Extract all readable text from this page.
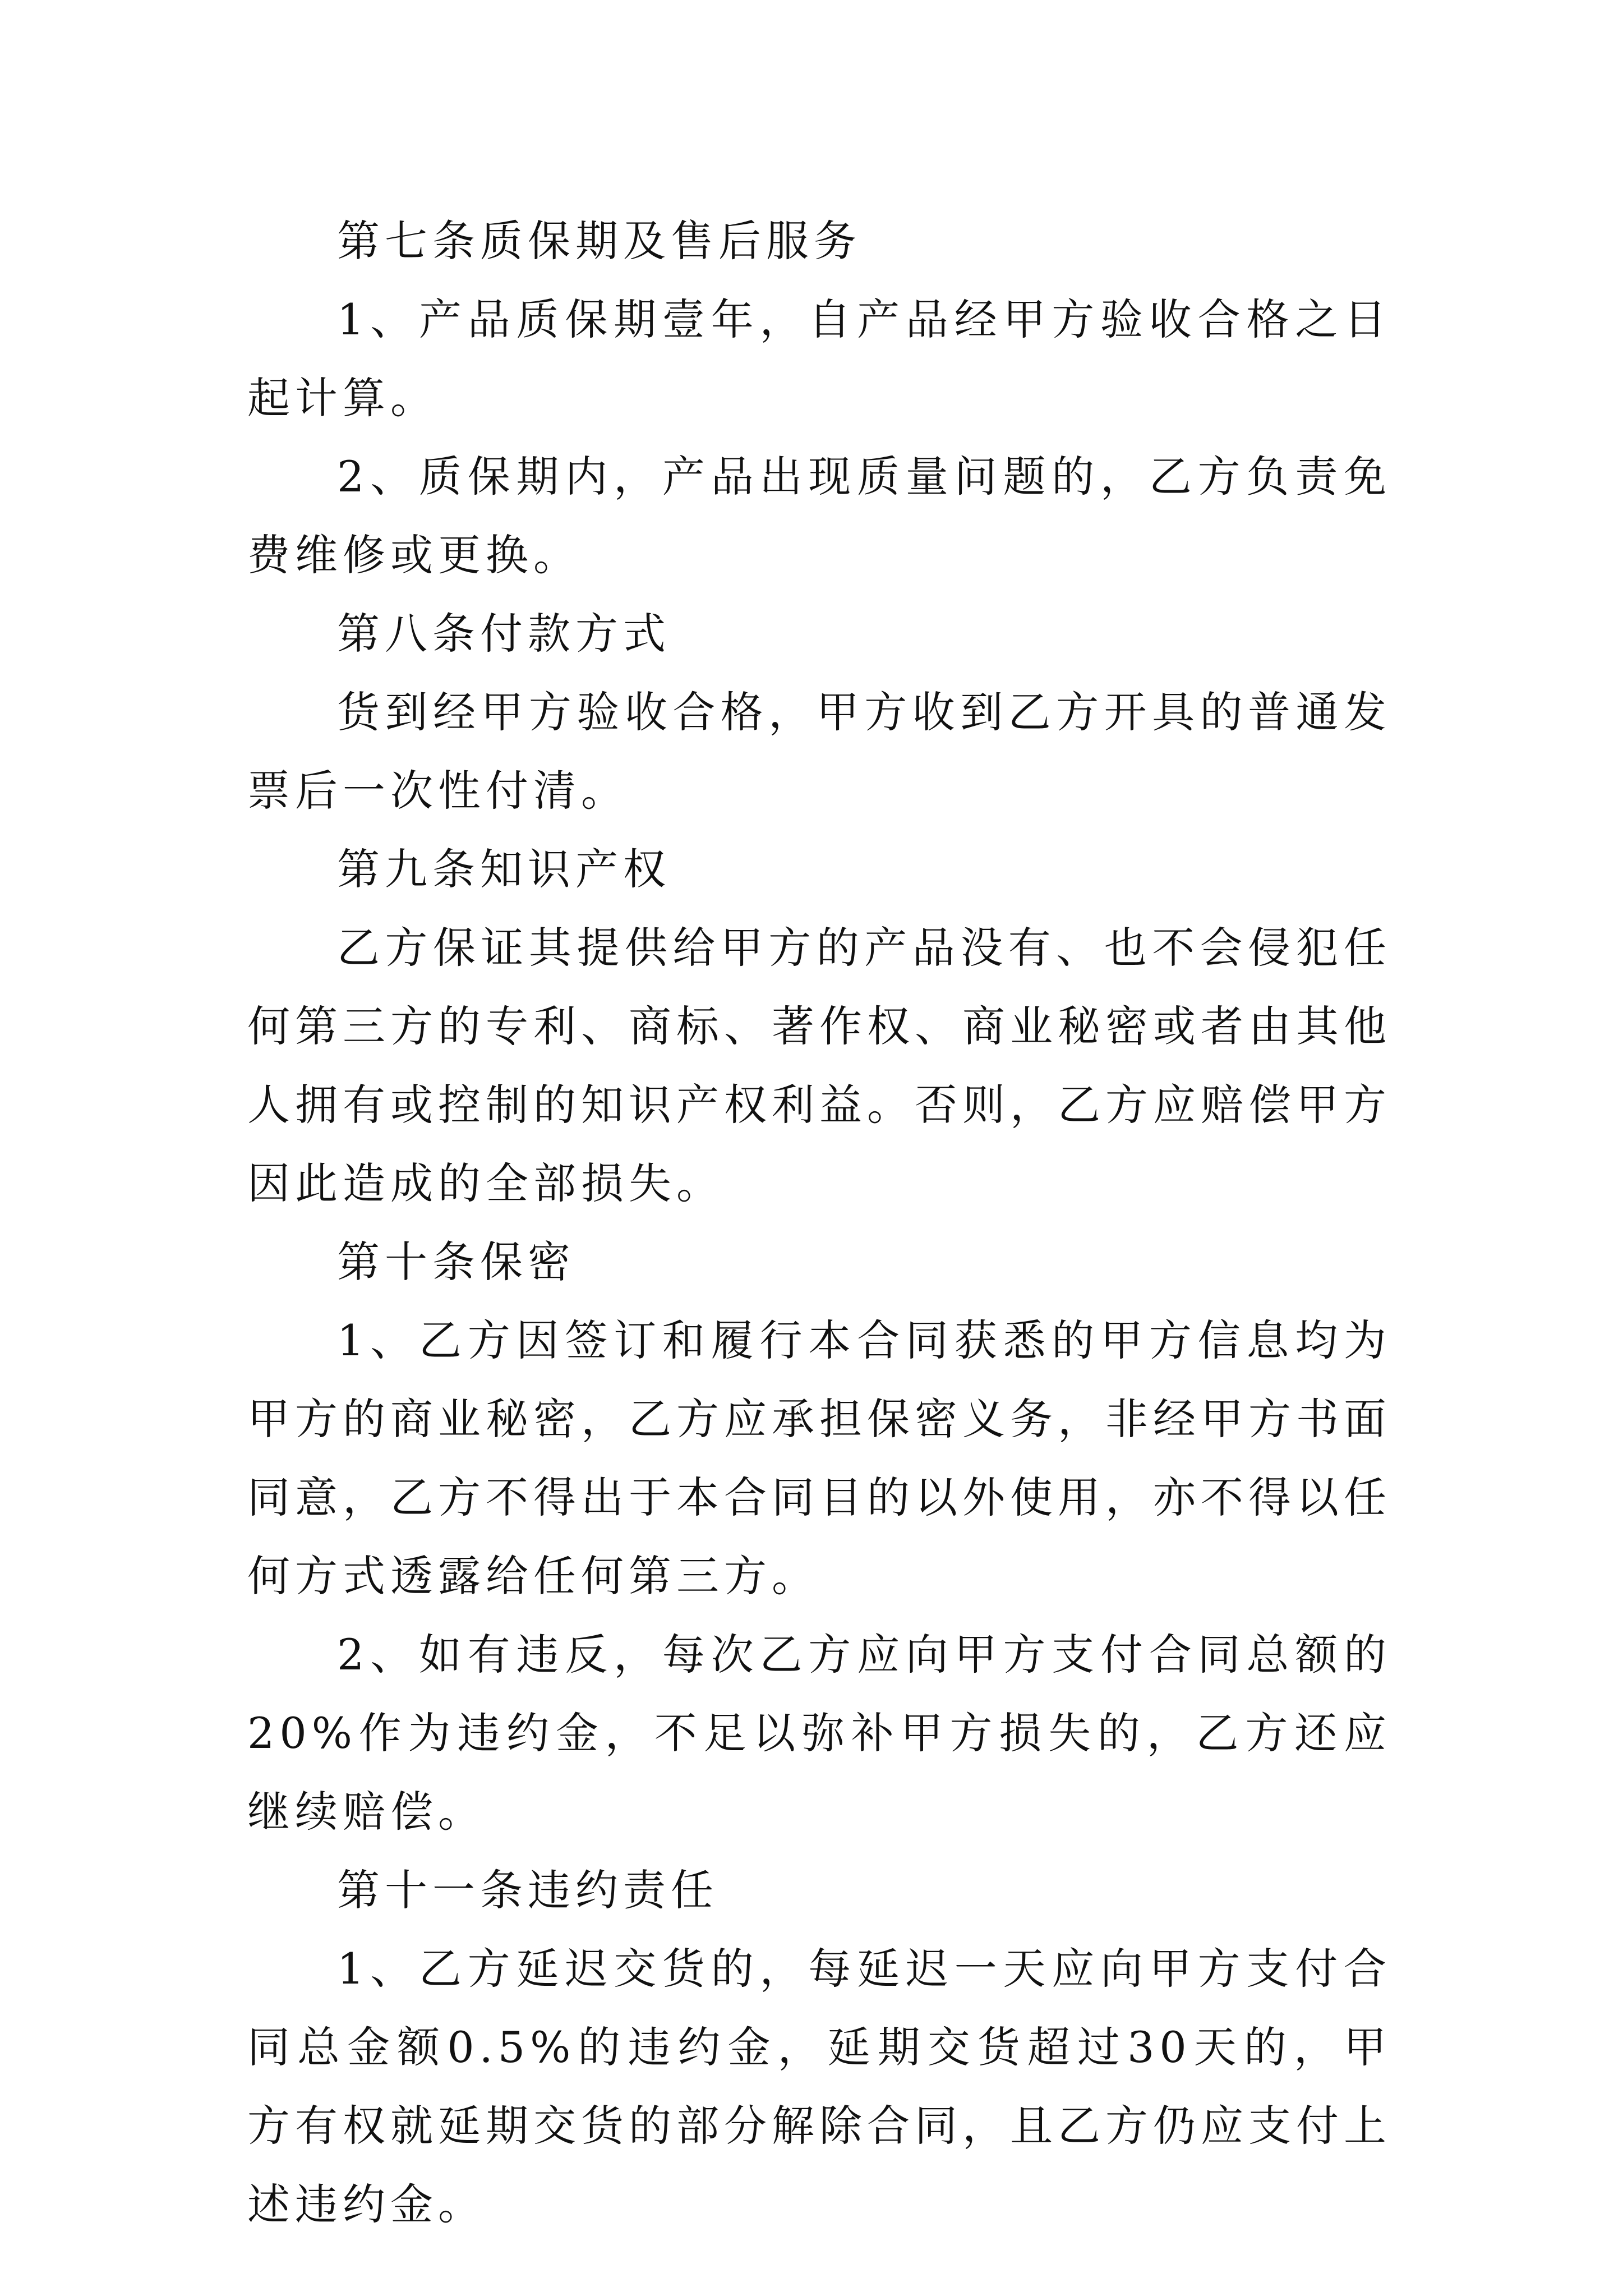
第七条质保期及售后服务

1、产品质保期壹年，自产品经甲方验收合格之日起计算。

2、质保期内，产品出现质量问题的，乙方负责免费维修或更换。

第八条付款方式

货到经甲方验收合格，甲方收到乙方开具的普通发票后一次性付清。

第九条知识产权

乙方保证其提供给甲方的产品没有、也不会侵犯任何第三方的专利、商标、著作权、商业秘密或者由其他人拥有或控制的知识产权利益。否则，乙方应赔偿甲方因此造成的全部损失。

第十条保密

1、乙方因签订和履行本合同获悉的甲方信息均为甲方的商业秘密，乙方应承担保密义务，非经甲方书面同意，乙方不得出于本合同目的以外使用，亦不得以任何方式透露给任何第三方。

2、如有违反，每次乙方应向甲方支付合同总额的20%作为违约金，不足以弥补甲方损失的，乙方还应继续赔偿。

第十一条违约责任

1、乙方延迟交货的，每延迟一天应向甲方支付合同总金额0.5%的违约金，延期交货超过30天的，甲方有权就延期交货的部分解除合同，且乙方仍应支付上述违约金。
